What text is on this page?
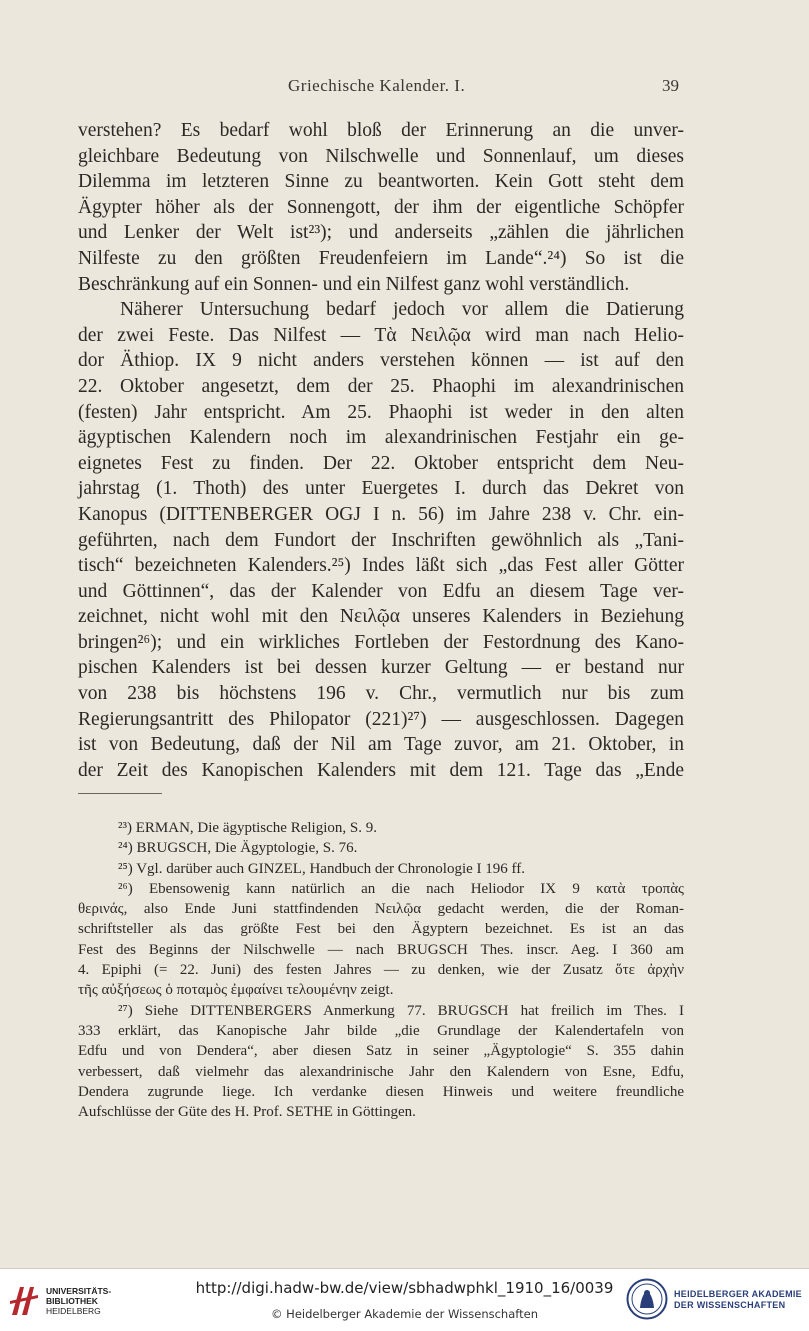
Griechische Kalender. I.	39
verstehen? Es bedarf wohl bloß der Erinnerung an die unver-
gleichbare Bedeutung von Nilschwelle und Sonnenlauf, um dieses
Dilemma im letzteren Sinne zu beantworten. Kein Gott steht dem
Ägypter höher als der Sonnengott, der ihm der eigentliche Schöpfer
und Lenker der Welt ist²³); und anderseits „zählen die jährlichen
Nilfeste zu den größten Freudenfeiern im Lande“.²⁴) So ist die
Beschränkung auf ein Sonnen- und ein Nilfest ganz wohl verständlich.
Näherer Untersuchung bedarf jedoch vor allem die Datierung
der zwei Feste. Das Nilfest — Τὰ Νειλῷα wird man nach Helio-
dor Äthiop. IX 9 nicht anders verstehen können — ist auf den
22. Oktober angesetzt, dem der 25. Phaophi im alexandrinischen
(festen) Jahr entspricht. Am 25. Phaophi ist weder in den alten
ägyptischen Kalendern noch im alexandrinischen Festjahr ein ge-
eignetes Fest zu finden. Der 22. Oktober entspricht dem Neu-
jahrstag (1. Thoth) des unter Euergetes I. durch das Dekret von
Kanopus (DITTENBERGER OGJ I n. 56) im Jahre 238 v. Chr. ein-
geführten, nach dem Fundort der Inschriften gewöhnlich als „Tani-
tisch“ bezeichneten Kalenders.²⁵) Indes läßt sich „das Fest aller Götter
und Göttinnen“, das der Kalender von Edfu an diesem Tage ver-
zeichnet, nicht wohl mit den Νειλῷα unseres Kalenders in Beziehung
bringen²⁶); und ein wirkliches Fortleben der Festordnung des Kano-
pischen Kalenders ist bei dessen kurzer Geltung — er bestand nur
von 238 bis höchstens 196 v. Chr., vermutlich nur bis zum
Regierungsantritt des Philopator (221)²⁷) — ausgeschlossen. Dagegen
ist von Bedeutung, daß der Nil am Tage zuvor, am 21. Oktober, in
der Zeit des Kanopischen Kalenders mit dem 121. Tage das „Ende
²³) ERMAN, Die ägyptische Religion, S. 9.
²⁴) BRUGSCH, Die Ägyptologie, S. 76.
²⁵) Vgl. darüber auch GINZEL, Handbuch der Chronologie I 196 ff.
²⁶) Ebensowenig kann natürlich an die nach Heliodor IX 9 κατὰ τροπὰς
θερινάς, also Ende Juni stattfindenden Νειλῷα gedacht werden, die der Roman-
schriftsteller als das größte Fest bei den Ägyptern bezeichnet. Es ist an das
Fest des Beginns der Nilschwelle — nach BRUGSCH Thes. inscr. Aeg. I 360 am
4. Epiphi (= 22. Juni) des festen Jahres — zu denken, wie der Zusatz ὅτε ἀρχὴν
τῆς αὐξήσεως ὁ ποταμὸς ἐμφαίνει τελουμένην zeigt.
²⁷) Siehe DITTENBERGERS Anmerkung 77. BRUGSCH hat freilich im Thes. I
333 erklärt, das Kanopische Jahr bilde „die Grundlage der Kalendertafeln von
Edfu und von Dendera“, aber diesen Satz in seiner „Ägyptologie“ S. 355 dahin
verbessert, daß vielmehr das alexandrinische Jahr den Kalendern von Esne, Edfu,
Dendera zugrunde liege. Ich verdanke diesen Hinweis und weitere freundliche
Aufschlüsse der Güte des H. Prof. SETHE in Göttingen.
UNIVERSITÄTS-
BIBLIOTHEK
HEIDELBERG
http://digi.hadw-bw.de/view/sbhadwphkl_1910_16/0039
© Heidelberger Akademie der Wissenschaften
HEIDELBERGER AKADEMIE
DER WISSENSCHAFTEN
